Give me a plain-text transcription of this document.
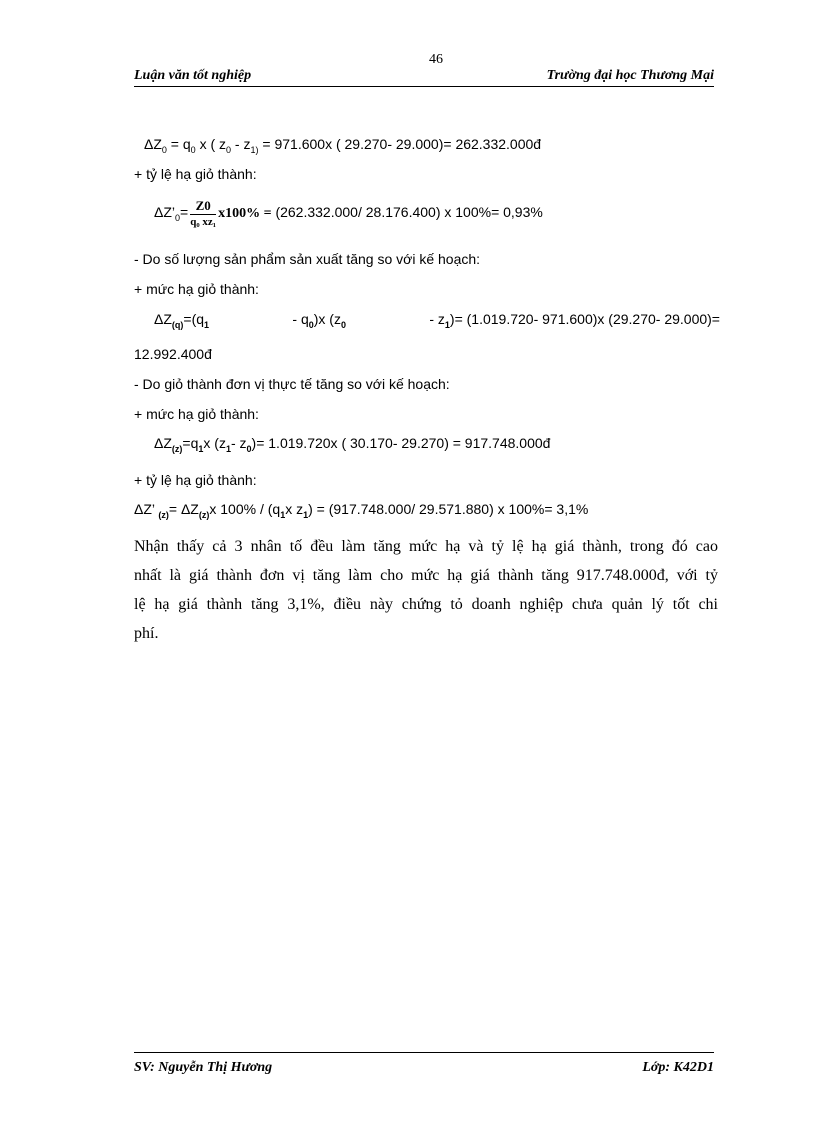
46
Luận văn tốt nghiệp	Trường đại học Thương Mại
$\Delta Z_0 = q_0$ x ( $z_0 - z_{1)} = 971.600x$ ( 29.270- 29.000)= 262.332.000đ
+ tỷ lệ hạ giỏ thành:
$\Delta Z’_0= \frac{Z0}{\text{q₀ xz₁}} x100\% = (262.332.000/$ 28.176.400) x 100%= 0,93%
- Do số lượng sản phẩm sản xuất tăng so với kế hoạch:
+ mức hạ giỏ thành:
$\Delta Z_{(q)}=(q_1$	- $q_0)x$ ($z_0$	- $z_1)= (1.019.720-$ 971.600)x (29.270- 29.000)=
12.992.400đ
- Do giỏ thành đơn vị thực tế tăng so với kế hoạch:
+ mức hạ giỏ thành:
$\Delta Z_{(z)}=q_1x$ ($z_1-$ $z_0)= 1.019.720x$ ( 30.170- 29.270) = 917.748.000đ
+ tỷ lệ hạ giỏ thành:
ΔZ’ $_{(z)}= \Delta Z_{(z)}x$ $100\% / (q_1x$ $z_1) = (917.748.000/$ 29.571.880) x 100%= 3,1%
Nhận thấy cả 3 nhân tố đều làm tăng mức hạ và tỷ lệ hạ giá thành, trong đó cao
nhất là giá thành đơn vị tăng làm cho mức hạ giá thành tăng 917.748.000đ, với tỷ
lệ hạ giá thành tăng 3,1%, điều này chứng tỏ doanh nghiệp chưa quản lý tốt chi
phí.
SV: Nguyễn Thị Hương	Lớp: K42D1
